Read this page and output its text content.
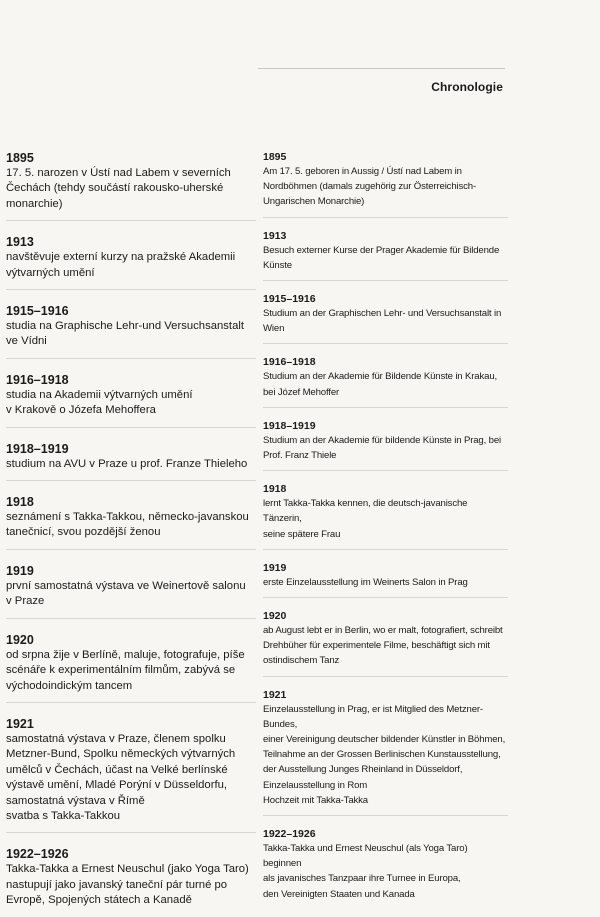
Chronologie
1895
17. 5. narozen v Ústí nad Labem v severních
Čechách (tehdy součástí rakousko-uherské
monarchie)
1913
navštěvuje externí kurzy na pražské Akademii
výtvarných umění
1915–1916
studia na Graphische Lehr-und Versuchsanstalt
ve Vídni
1916–1918
studia na Akademii výtvarných umění
v Krakově o Józefa Mehoffera
1918–1919
studium na AVU v Praze u prof. Franze Thieleho
1918
seznámení s Takka-Takkou, německo-javanskou
tanečnicí, svou pozdější ženou
1919
první samostatná výstava ve Weinertově salonu
v Praze
1920
od srpna žije v Berlíně, maluje, fotografuje, píše
scénáře k experimentálním filmům, zabývá se
východoindickým tancem
1921
samostatná výstava v Praze, členem spolku
Metzner-Bund, Spolku německých výtvarných
umělců v Čechách, účast na Velké berlínské
výstavě umění, Mladé Porýní v Düsseldorfu,
samostatná výstava v Římě
svatba s Takka-Takkou
1922–1926
Takka-Takka a Ernest Neuschul (jako Yoga Taro)
nastupují jako javanský taneční pár turné po
Evropě, Spojených státech a Kanadě
1895
Am 17. 5. geboren in Aussig / Ústí nad Labem in
Nordböhmen (damals zugehörig zur Österreichisch-
Ungarischen Monarchie)
1913
Besuch externer Kurse der Prager Akademie für Bildende
Künste
1915–1916
Studium an der Graphischen Lehr- und Versuchsanstalt in
Wien
1916–1918
Studium an der Akademie für Bildende Künste in Krakau,
bei Józef Mehoffer
1918–1919
Studium an der Akademie für bildende Künste in Prag, bei
Prof. Franz Thiele
1918
lernt Takka-Takka kennen, die deutsch-javanische Tänzerin,
seine spätere Frau
1919
erste Einzelausstellung im Weinerts Salon in Prag
1920
ab August lebt er in Berlin, wo er malt, fotografiert, schreibt
Drehbüher für experimentele Filme, beschäftigt sich mit
ostindischem Tanz
1921
Einzelausstellung in Prag, er ist Mitglied des Metzner-Bundes,
einer Vereinigung deutscher bildender Künstler in Böhmen,
Teilnahme an der Grossen Berlinischen Kunstausstellung,
der Ausstellung Junges Rheinland in Düsseldorf,
Einzelausstellung in Rom
Hochzeit mit Takka-Takka
1922–1926
Takka-Takka und Ernest Neuschul (als Yoga Taro) beginnen
als javanisches Tanzpaar ihre Turnee in Europa,
den Vereinigten Staaten und Kanada
